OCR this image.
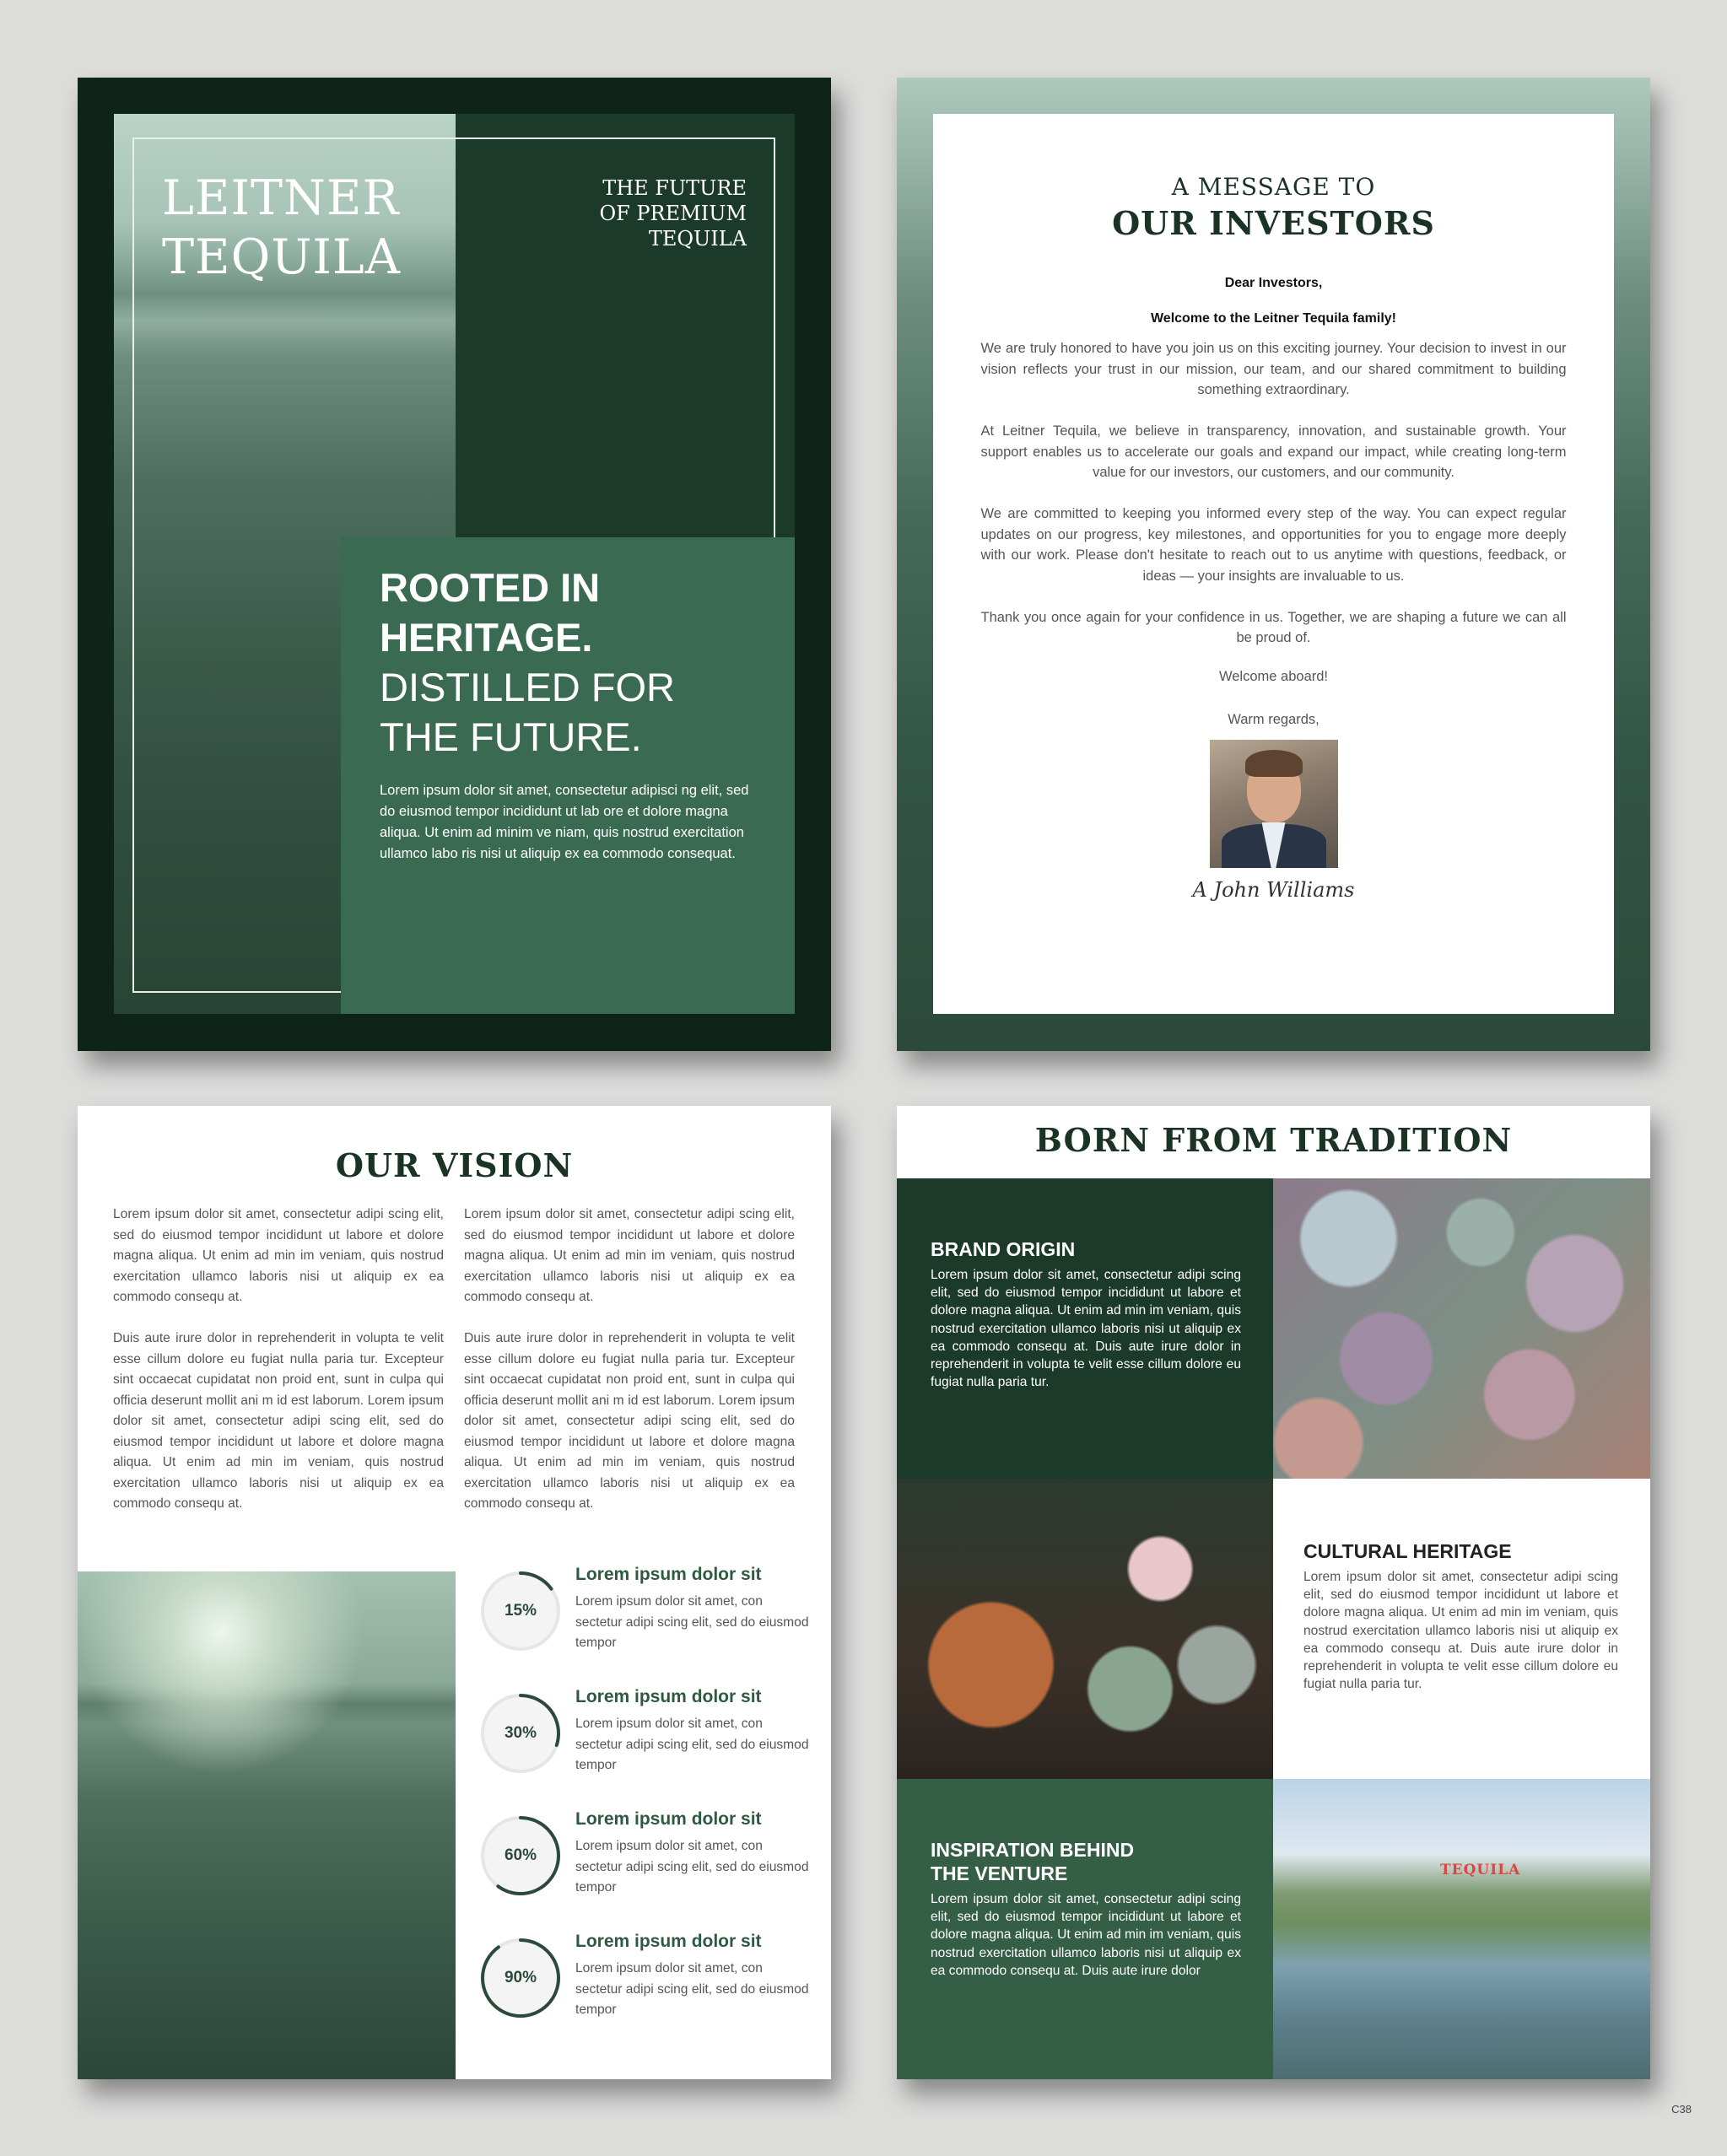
LEITNER
TEQUILA
THE FUTURE
OF PREMIUM
TEQUILA
ROOTED IN
HERITAGE.
DISTILLED FOR
THE FUTURE.
Lorem ipsum dolor sit amet, consectetur adipisci ng elit, sed do eiusmod tempor incididunt ut lab ore et dolore magna aliqua. Ut enim ad minim ve niam, quis nostrud exercitation ullamco labo ris nisi ut aliquip ex ea commodo consequat.
A MESSAGE TO
OUR INVESTORS
Dear Investors,
Welcome to the Leitner Tequila family!

We are truly honored to have you join us on this exciting journey. Your decision to invest in our vision reflects your trust in our mission, our team, and our shared commitment to building something extraordinary.

At Leitner Tequila, we believe in transparency, innovation, and sustainable growth. Your support enables us to accelerate our goals and expand our impact, while creating long-term value for our investors, our customers, and our community.

We are committed to keeping you informed every step of the way. You can expect regular updates on our progress, key milestones, and opportunities for you to engage more deeply with our work. Please don't hesitate to reach out to us anytime with questions, feedback, or ideas — your insights are invaluable to us.

Thank you once again for your confidence in us. Together, we are shaping a future we can all be proud of.

Welcome aboard!
Warm regards,
A John Williams
OUR VISION

Lorem ipsum dolor sit amet, consectetur adipi scing elit, sed do eiusmod tempor incididunt ut labore et dolore magna aliqua. Ut enim ad min im veniam, quis nostrud exercitation ullamco laboris nisi ut aliquip ex ea commodo consequ at.

Duis aute irure dolor in reprehenderit in volupta te velit esse cillum dolore eu fugiat nulla paria tur. Excepteur sint occaecat cupidatat non proid ent, sunt in culpa qui officia deserunt mollit ani m id est laborum. Lorem ipsum dolor sit amet, consectetur adipi scing elit, sed do eiusmod tempor incididunt ut labore et dolore magna aliqua. Ut enim ad min im veniam, quis nostrud exercitation ullamco laboris nisi ut aliquip ex ea commodo consequ at.

Lorem ipsum dolor sit amet, consectetur adipi scing elit, sed do eiusmod tempor incididunt ut labore et dolore magna aliqua. Ut enim ad min im veniam, quis nostrud exercitation ullamco laboris nisi ut aliquip ex ea commodo consequ at.

Duis aute irure dolor in reprehenderit in volupta te velit esse cillum dolore eu fugiat nulla paria tur. Excepteur sint occaecat cupidatat non proid ent, sunt in culpa qui officia deserunt mollit ani m id est laborum. Lorem ipsum dolor sit amet, consectetur adipi scing elit, sed do eiusmod tempor incididunt ut labore et dolore magna aliqua. Ut enim ad min im veniam, quis nostrud exercitation ullamco laboris nisi ut aliquip ex ea commodo consequ at.

15%
Lorem ipsum dolor sit
Lorem ipsum dolor sit amet, con sectetur adipi scing elit, sed do eiusmod tempor
30%
Lorem ipsum dolor sit
Lorem ipsum dolor sit amet, con sectetur adipi scing elit, sed do eiusmod tempor
60%
Lorem ipsum dolor sit
Lorem ipsum dolor sit amet, con sectetur adipi scing elit, sed do eiusmod tempor
90%
Lorem ipsum dolor sit
Lorem ipsum dolor sit amet, con sectetur adipi scing elit, sed do eiusmod tempor
BORN FROM TRADITION
BRAND ORIGIN
Lorem ipsum dolor sit amet, consectetur adipi scing elit, sed do eiusmod tempor incididunt ut labore et dolore magna aliqua. Ut enim ad min im veniam, quis nostrud exercitation ullamco laboris nisi ut aliquip ex ea commodo consequ at. Duis aute irure dolor in reprehenderit in volupta te velit esse cillum dolore eu fugiat nulla paria tur.
CULTURAL HERITAGE
Lorem ipsum dolor sit amet, consectetur adipi scing elit, sed do eiusmod tempor incididunt ut labore et dolore magna aliqua. Ut enim ad min im veniam, quis nostrud exercitation ullamco laboris nisi ut aliquip ex ea commodo consequ at. Duis aute irure dolor in reprehenderit in volupta te velit esse cillum dolore eu fugiat nulla paria tur.
INSPIRATION BEHIND
THE VENTURE
Lorem ipsum dolor sit amet, consectetur adipi scing elit, sed do eiusmod tempor incididunt ut labore et dolore magna aliqua. Ut enim ad min im veniam, quis nostrud exercitation ullamco laboris nisi ut aliquip ex ea commodo consequ at. Duis aute irure dolor
TEQUILA
C38
